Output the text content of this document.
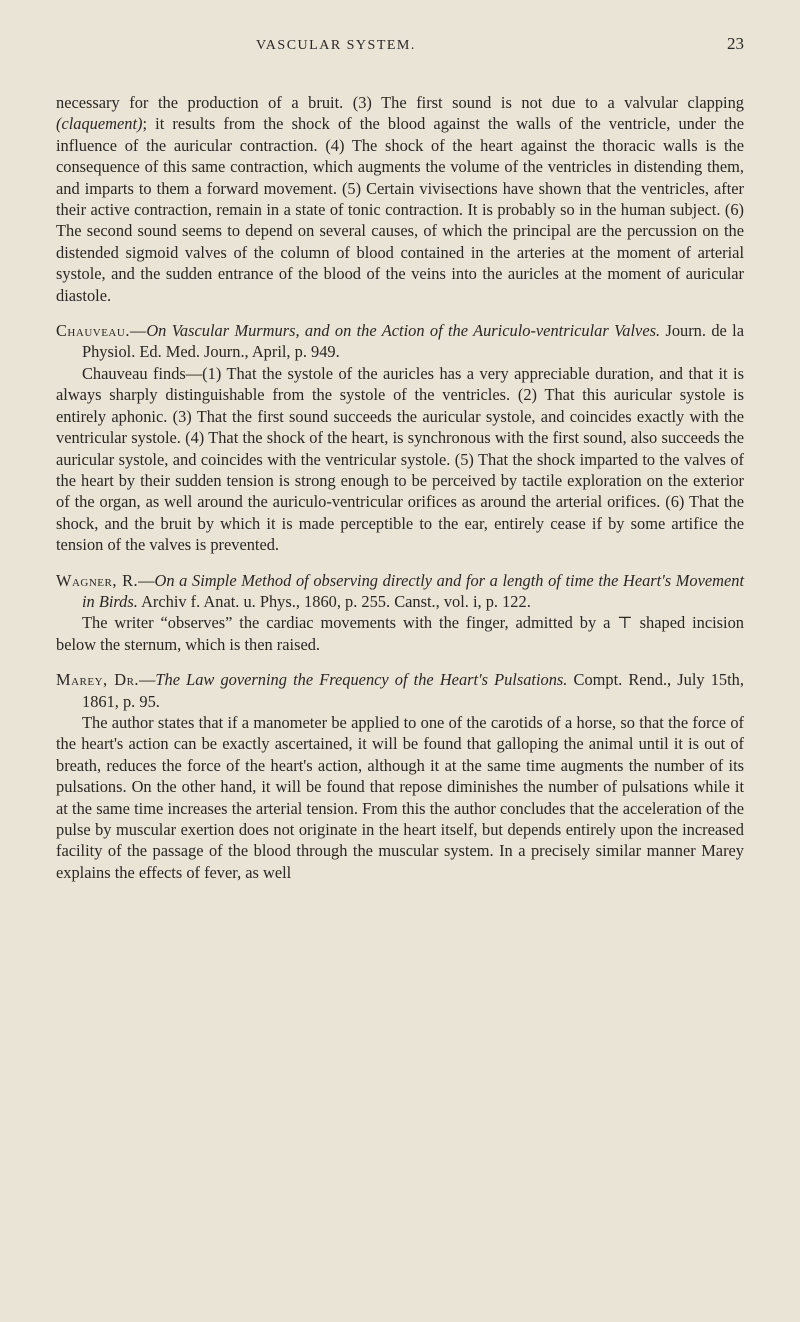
VASCULAR SYSTEM.	23

necessary for the production of a bruit. (3) The first sound is not due to a valvular clapping (claquement); it results from the shock of the blood against the walls of the ventricle, under the influence of the auricular contraction. (4) The shock of the heart against the thoracic walls is the consequence of this same contraction, which augments the volume of the ventricles in distending them, and imparts to them a forward movement. (5) Certain vivisections have shown that the ventricles, after their active contraction, remain in a state of tonic contraction. It is probably so in the human subject. (6) The second sound seems to depend on several causes, of which the principal are the percussion on the distended sigmoid valves of the column of blood contained in the arteries at the moment of arterial systole, and the sudden entrance of the blood of the veins into the auricles at the moment of auricular diastole.

Chauveau.—On Vascular Murmurs, and on the Action of the Auriculo-ventricular Valves. Journ. de la Physiol. Ed. Med. Journ., April, p. 949.

Chauveau finds—(1) That the systole of the auricles has a very appreciable duration, and that it is always sharply distinguishable from the systole of the ventricles. (2) That this auricular systole is entirely aphonic. (3) That the first sound succeeds the auricular systole, and coincides exactly with the ventricular systole. (4) That the shock of the heart, is synchronous with the first sound, also succeeds the auricular systole, and coincides with the ventricular systole. (5) That the shock imparted to the valves of the heart by their sudden tension is strong enough to be perceived by tactile exploration on the exterior of the organ, as well around the auriculo-ventricular orifices as around the arterial orifices. (6) That the shock, and the bruit by which it is made perceptible to the ear, entirely cease if by some artifice the tension of the valves is prevented.

Wagner, R.—On a Simple Method of observing directly and for a length of time the Heart's Movement in Birds. Archiv f. Anat. u. Phys., 1860, p. 255. Canst., vol. i, p. 122.

The writer “observes” the cardiac movements with the finger, admitted by a ⊤ shaped incision below the sternum, which is then raised.

Marey, Dr.—The Law governing the Frequency of the Heart's Pulsations. Compt. Rend., July 15th, 1861, p. 95.

The author states that if a manometer be applied to one of the carotids of a horse, so that the force of the heart's action can be exactly ascertained, it will be found that galloping the animal until it is out of breath, reduces the force of the heart's action, although it at the same time augments the number of its pulsations. On the other hand, it will be found that repose diminishes the number of pulsations while it at the same time increases the arterial tension. From this the author concludes that the acceleration of the pulse by muscular exertion does not originate in the heart itself, but depends entirely upon the increased facility of the passage of the blood through the muscular system. In a precisely similar manner Marey explains the effects of fever, as well
